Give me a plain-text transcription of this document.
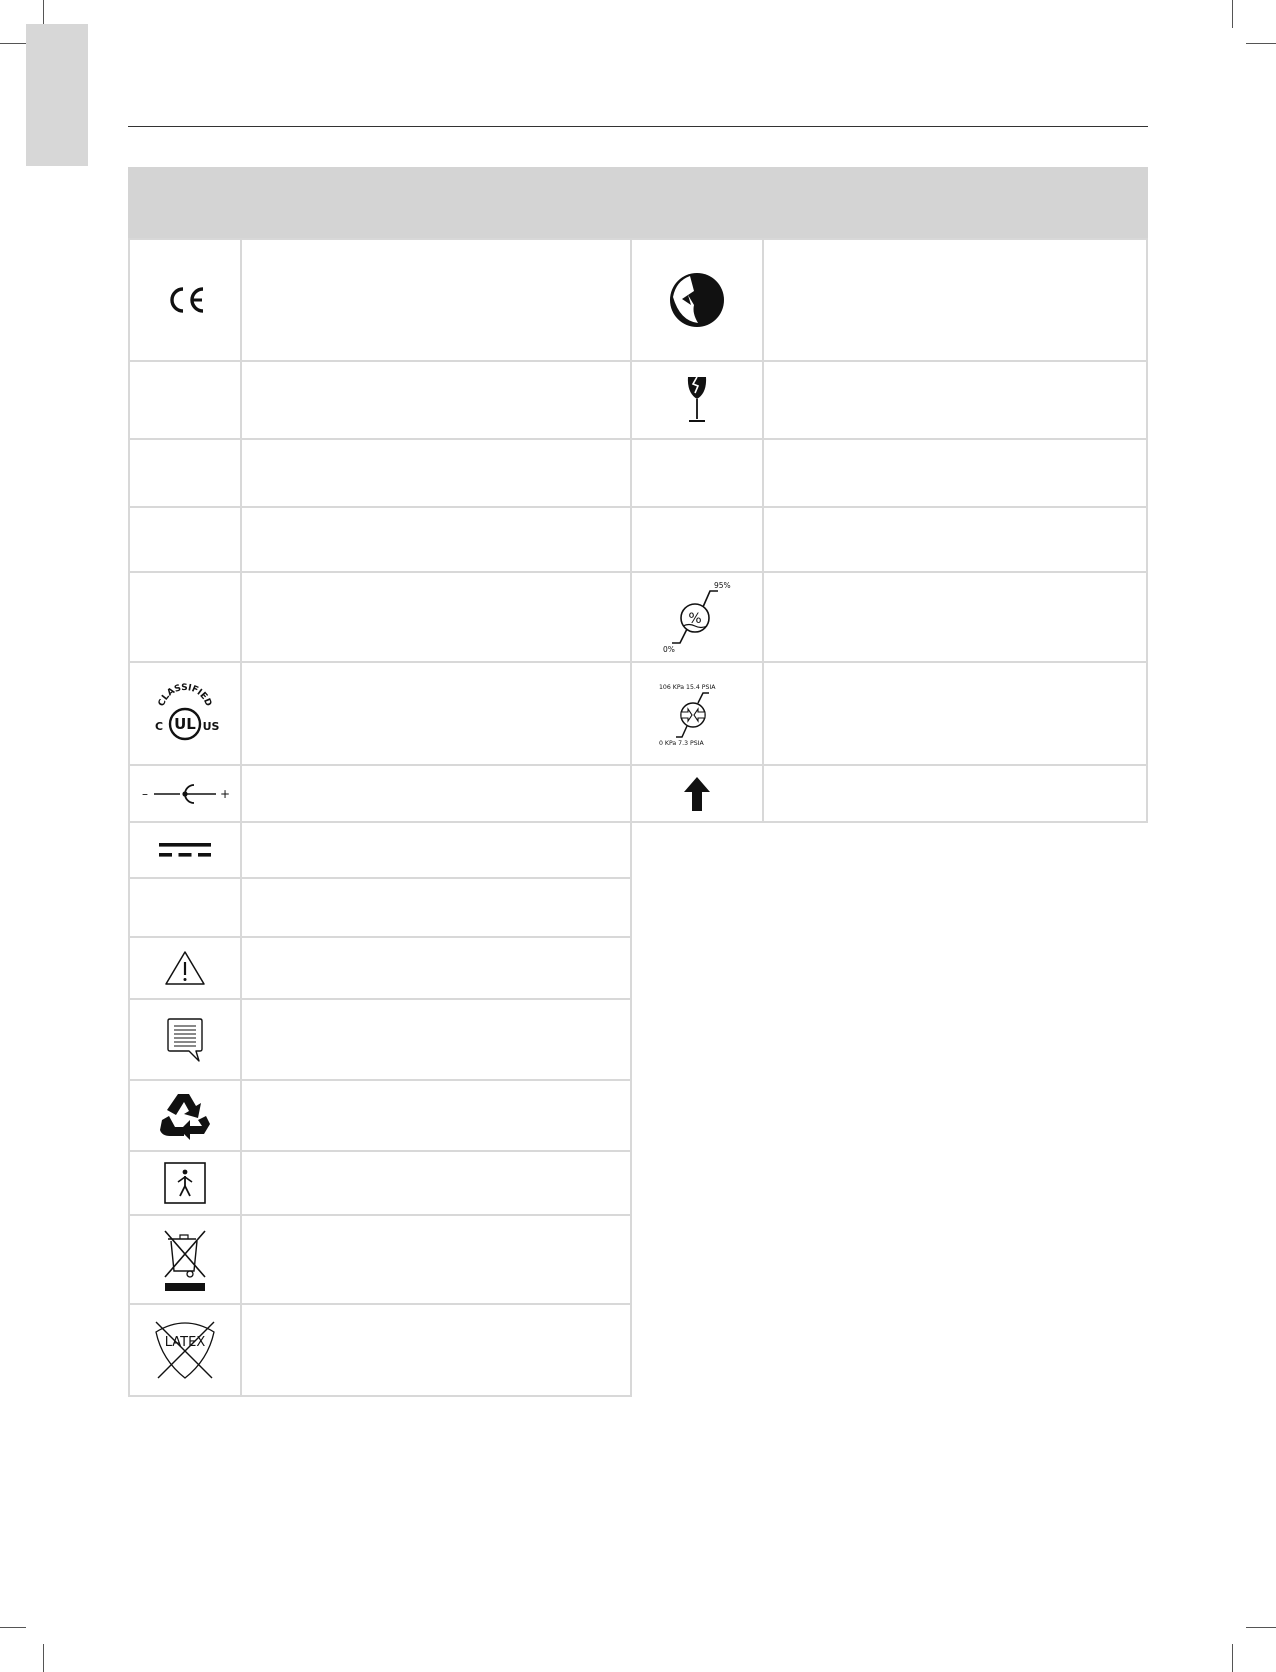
CLASSIFIED
UL
C	US
–	+
LATEX
95%
%
0%
106 KPa 15.4 PSIA
0 KPa 7.3 PSIA
